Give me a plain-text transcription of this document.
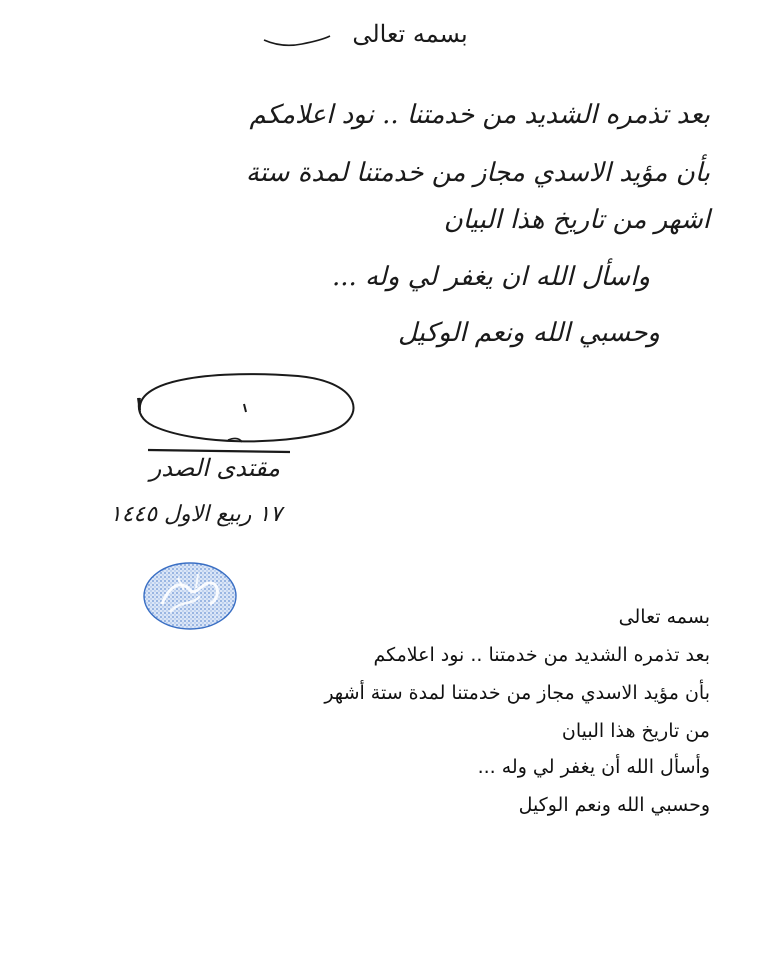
بسمه تعالى
بعد تذمره الشديد من خدمتنا .. نود اعلامكم
بأن مؤيد الاسدي مجاز من خدمتنا لمدة ستة
اشهر من تاريخ هذا البيان
واسأل الله ان يغفر لي وله ...
وحسبي الله ونعم الوكيل
مقتدى الصدر
١٧ ربيع الاول ١٤٤٥
بسمه تعالى
بعد تذمره الشديد من خدمتنا .. نود اعلامكم
بأن مؤيد الاسدي مجاز من خدمتنا لمدة ستة أشهر
من تاريخ هذا البيان
وأسأل الله أن يغفر لي وله ...
وحسبي الله ونعم الوكيل
